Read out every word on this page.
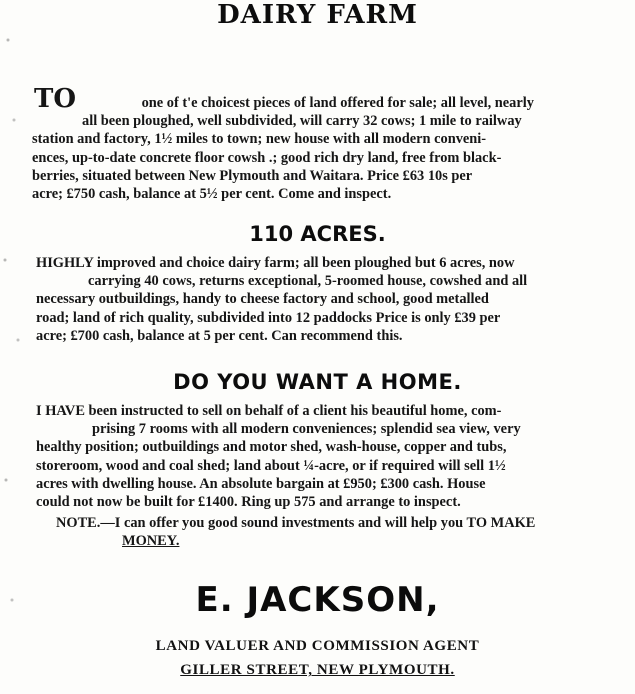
DAIRY FARM
TO	one of t'e choicest pieces of land offered for sale; all level, nearly
all been ploughed, well subdivided, will carry 32 cows; 1 mile to railway
station and factory, 1½ miles to town; new house with all modern conveni-
ences, up-to-date concrete floor cowsh .; good rich dry land, free from black-
berries, situated between New Plymouth and Waitara. Price £63 10s per
acre; £750 cash, balance at 5½ per cent. Come and inspect.
110 ACRES.
HIGHLY improved and choice dairy farm; all been ploughed but 6 acres, now
carrying 40 cows, returns exceptional, 5-roomed house, cowshed and all
necessary outbuildings, handy to cheese factory and school, good metalled
road; land of rich quality, subdivided into 12 paddocks Price is only £39 per
acre; £700 cash, balance at 5 per cent. Can recommend this.
DO YOU WANT A HOME.
I HAVE been instructed to sell on behalf of a client his beautiful home, com-
prising 7 rooms with all modern conveniences; splendid sea view, very
healthy position; outbuildings and motor shed, wash-house, copper and tubs,
storeroom, wood and coal shed; land about ¼-acre, or if required will sell 1½
acres with dwelling house. An absolute bargain at £950; £300 cash. House
could not now be built for £1400. Ring up 575 and arrange to inspect.
NOTE.—I can offer you good sound investments and will help you TO MAKE
MONEY.
E. JACKSON,
LAND VALUER AND COMMISSION AGENT
GILLER STREET, NEW PLYMOUTH.
